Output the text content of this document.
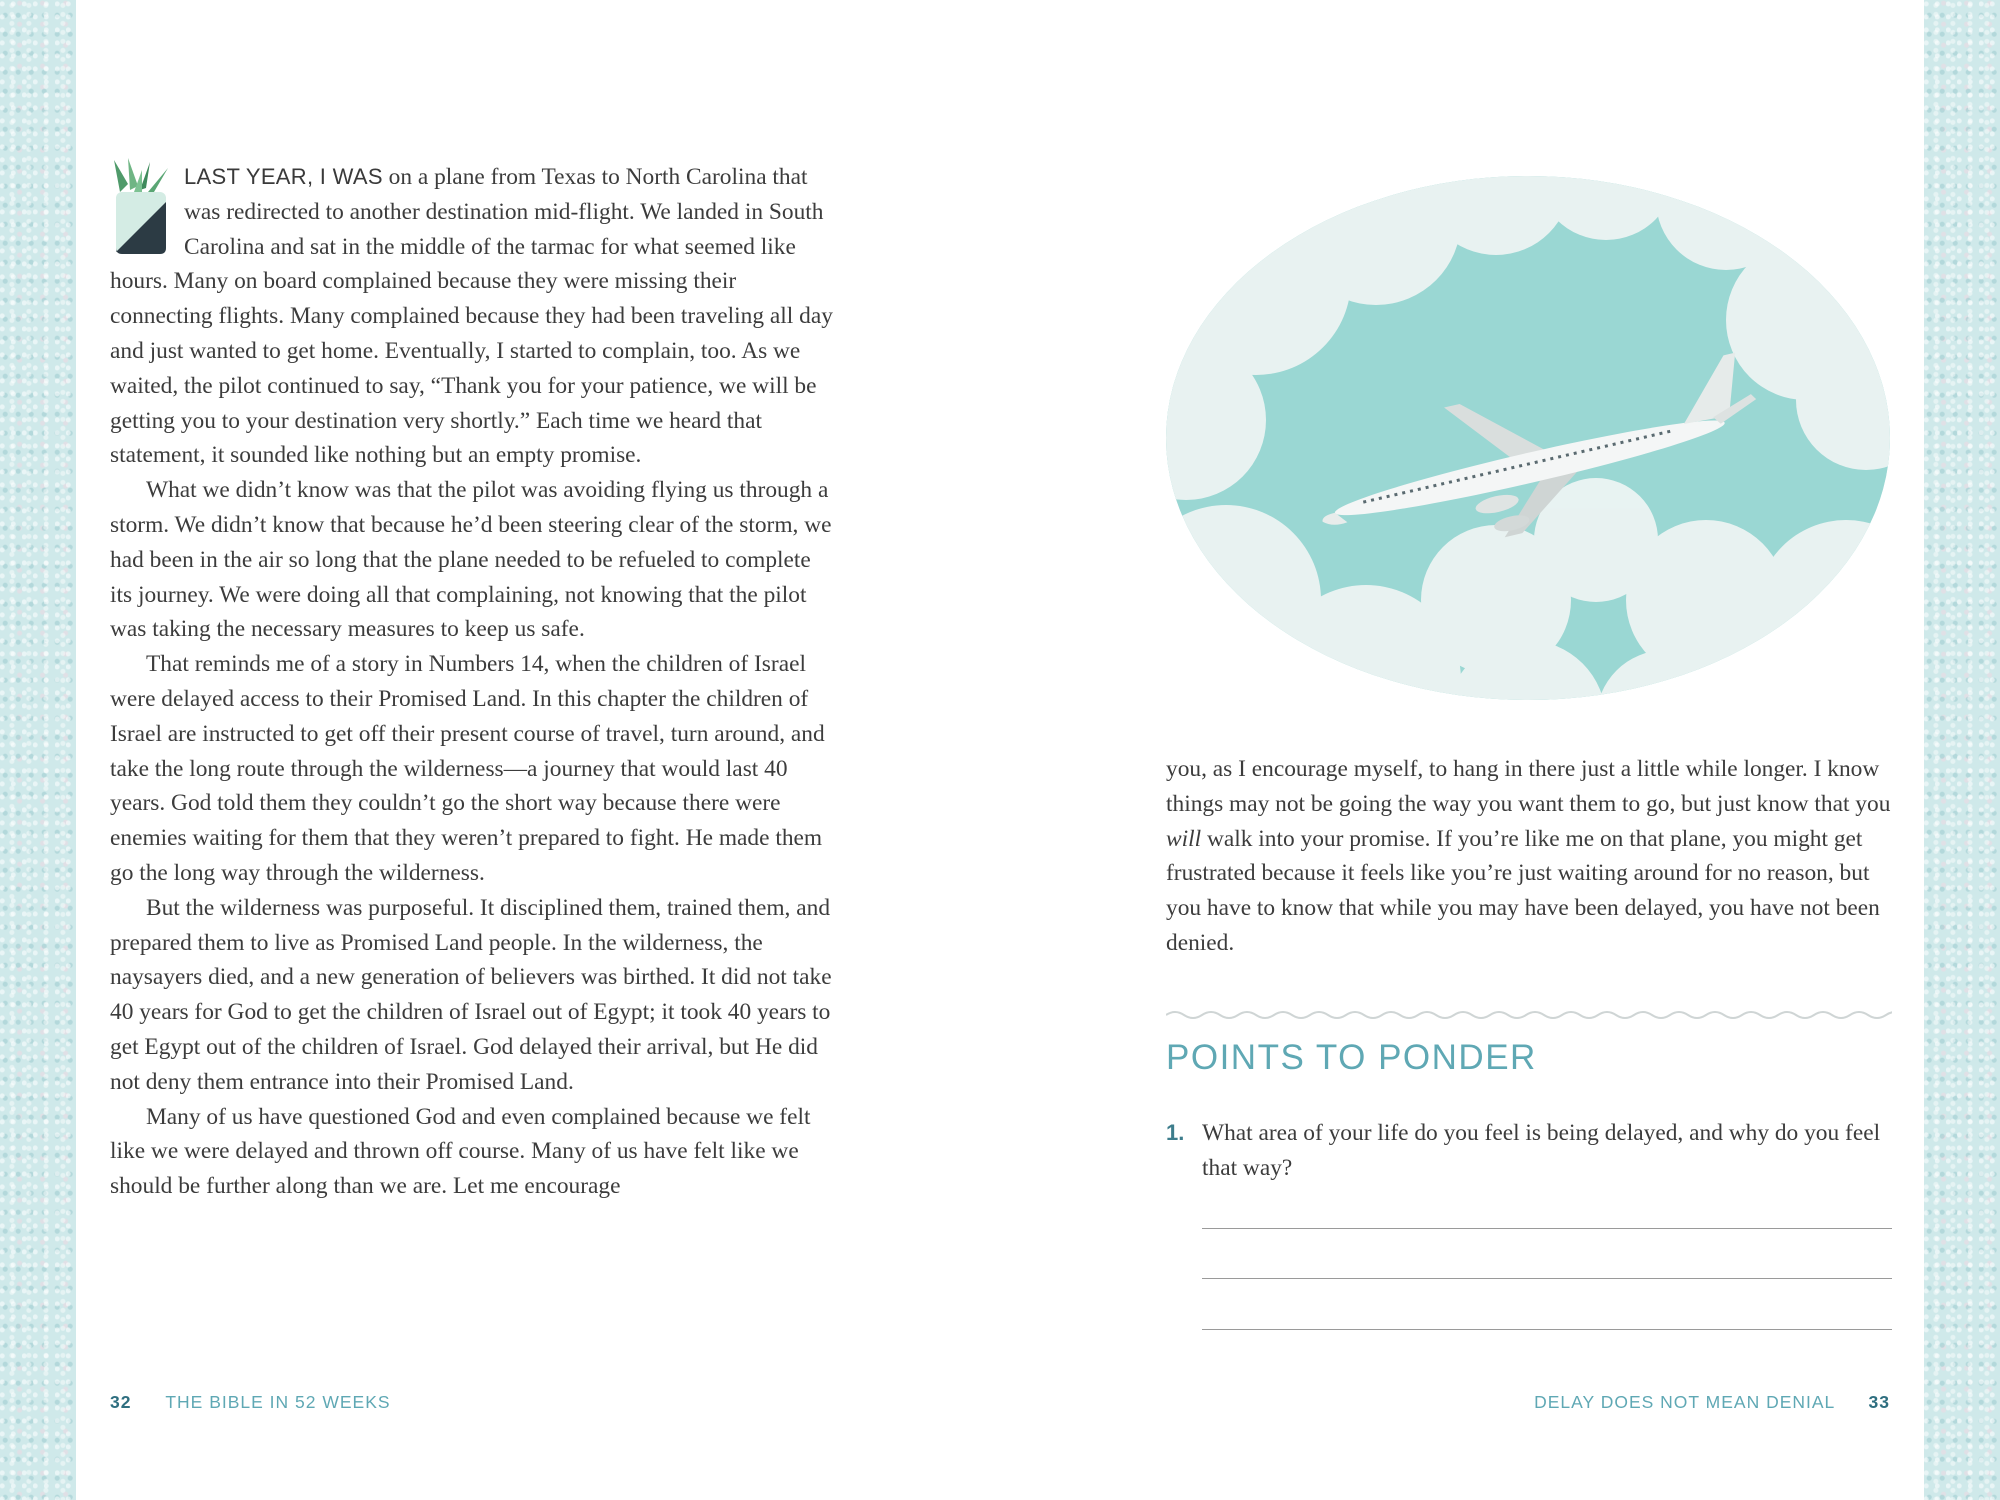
LAST YEAR, I WAS on a plane from Texas to North Carolina that was redirected to another destination mid-flight. We landed in South Carolina and sat in the middle of the tarmac for what seemed like hours. Many on board complained because they were missing their connecting flights. Many complained because they had been traveling all day and just wanted to get home. Eventually, I started to complain, too. As we waited, the pilot continued to say, “Thank you for your patience, we will be getting you to your destination very shortly.” Each time we heard that statement, it sounded like nothing but an empty promise.

What we didn’t know was that the pilot was avoiding flying us through a storm. We didn’t know that because he’d been steering clear of the storm, we had been in the air so long that the plane needed to be refueled to complete its journey. We were doing all that complaining, not knowing that the pilot was taking the necessary measures to keep us safe.

That reminds me of a story in Numbers 14, when the children of Israel were delayed access to their Promised Land. In this chapter the children of Israel are instructed to get off their present course of travel, turn around, and take the long route through the wilderness—a journey that would last 40 years. God told them they couldn’t go the short way because there were enemies waiting for them that they weren’t prepared to fight. He made them go the long way through the wilderness.

But the wilderness was purposeful. It disciplined them, trained them, and prepared them to live as Promised Land people. In the wilderness, the naysayers died, and a new generation of believers was birthed. It did not take 40 years for God to get the children of Israel out of Egypt; it took 40 years to get Egypt out of the children of Israel. God delayed their arrival, but He did not deny them entrance into their Promised Land.

Many of us have questioned God and even complained because we felt like we were delayed and thrown off course. Many of us have felt like we should be further along than we are. Let me encourage

32 THE BIBLE IN 52 WEEKS

you, as I encourage myself, to hang in there just a little while longer. I know things may not be going the way you want them to go, but just know that you will walk into your promise. If you’re like me on that plane, you might get frustrated because it feels like you’re just waiting around for no reason, but you have to know that while you may have been delayed, you have not been denied.

POINTS TO PONDER
1. What area of your life do you feel is being delayed, and why do you feel that way?
DELAY DOES NOT MEAN DENIAL 33
